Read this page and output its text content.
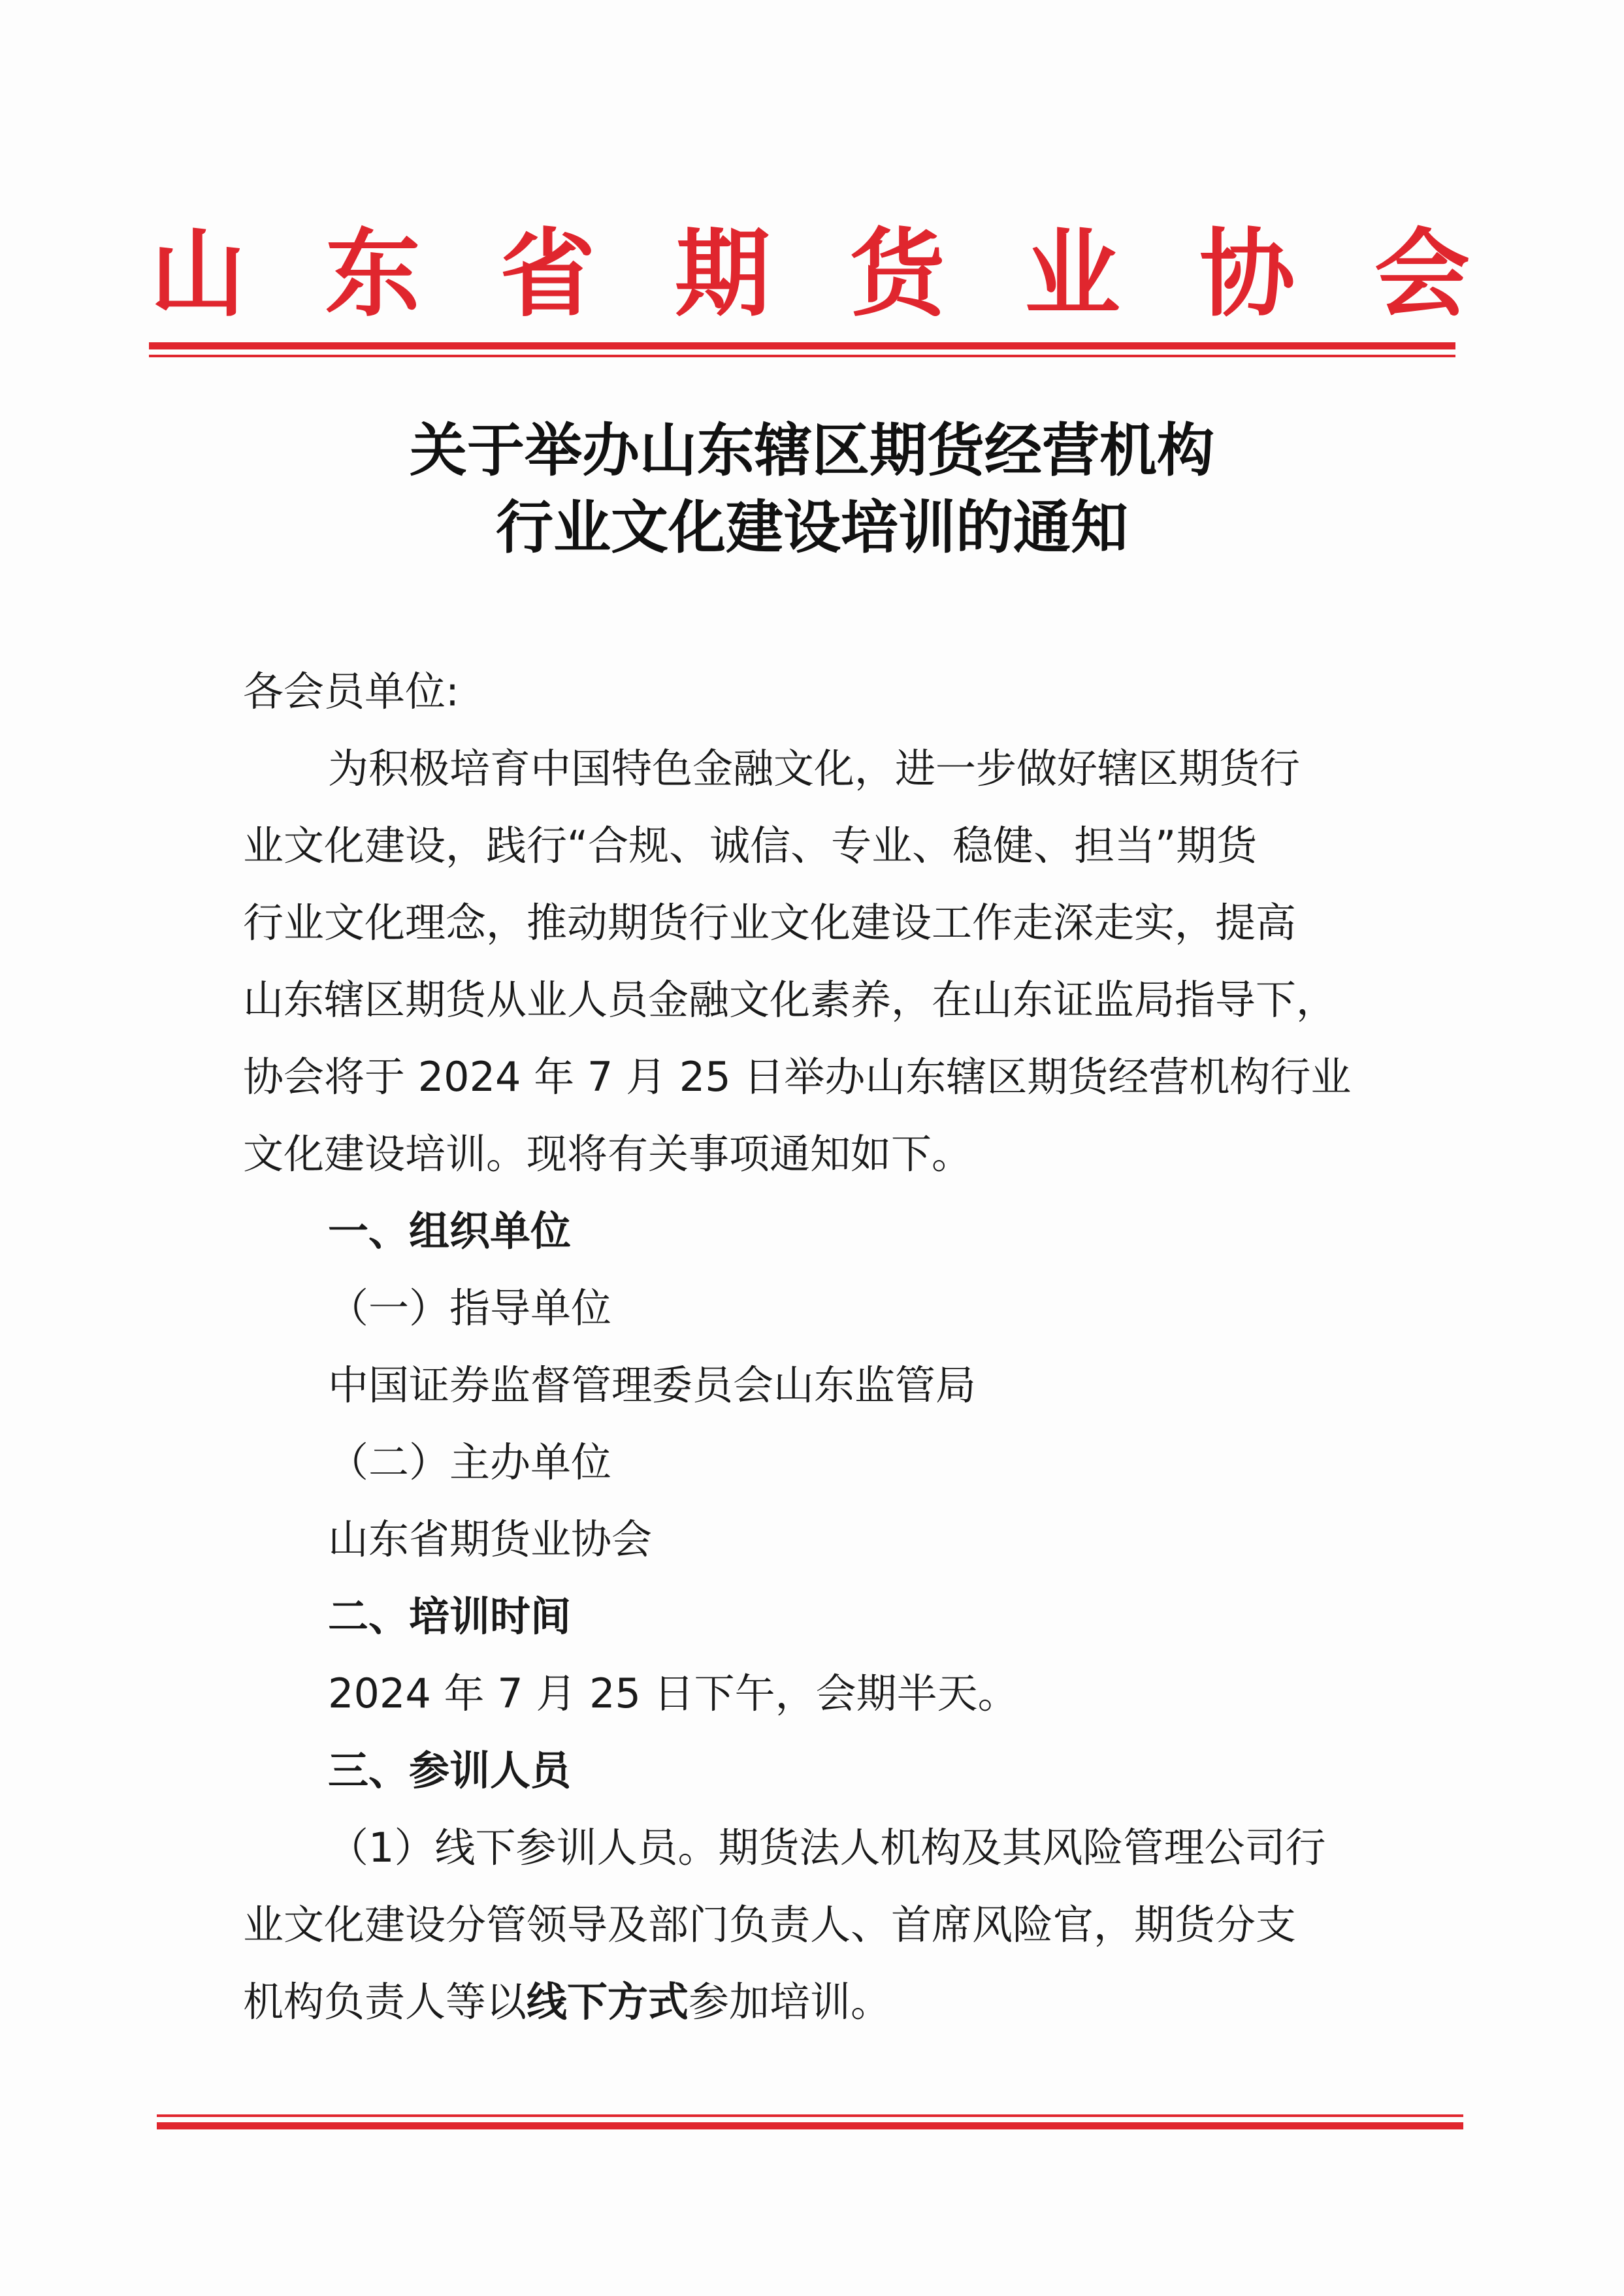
山 东 省 期 货 业 协 会
关于举办山东辖区期货经营机构
行业文化建设培训的通知
各会员单位:
为积极培育中国特色金融文化，进一步做好辖区期货行
业文化建设，践行“合规、诚信、专业、稳健、担当”期货
行业文化理念，推动期货行业文化建设工作走深走实，提高
山东辖区期货从业人员金融文化素养，在山东证监局指导下，
协会将于 2024 年 7 月 25 日举办山东辖区期货经营机构行业
文化建设培训。现将有关事项通知如下。
一、组织单位
（一）指导单位
中国证券监督管理委员会山东监管局
（二）主办单位
山东省期货业协会
二、培训时间
2024 年 7 月 25 日下午，会期半天。
三、参训人员
（1）线下参训人员。期货法人机构及其风险管理公司行
业文化建设分管领导及部门负责人、首席风险官，期货分支
机构负责人等以线下方式参加培训。
